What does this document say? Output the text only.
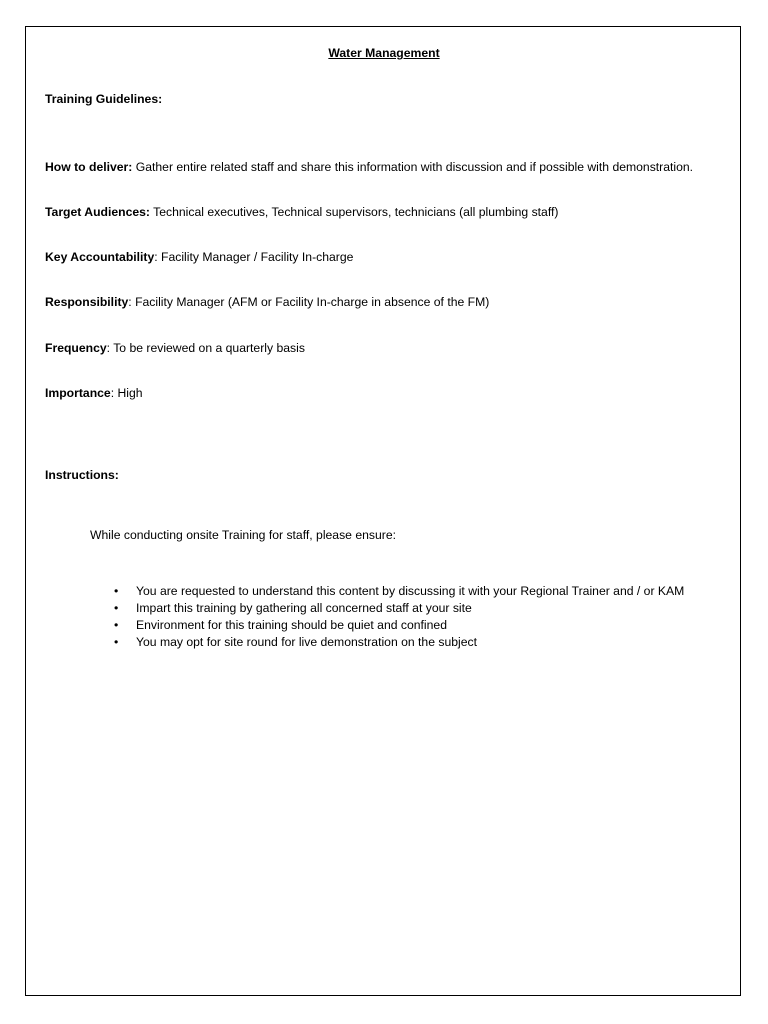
Water Management
Training Guidelines:
How to deliver: Gather entire related staff and share this information with discussion and if possible with demonstration.
Target Audiences: Technical executives, Technical supervisors, technicians (all plumbing staff)
Key Accountability: Facility Manager / Facility In-charge
Responsibility: Facility Manager (AFM or Facility In-charge in absence of the FM)
Frequency: To be reviewed on a quarterly basis
Importance: High
Instructions:
While conducting onsite Training for staff, please ensure:
• You are requested to understand this content by discussing it with your Regional Trainer and / or KAM
• Impart this training by gathering all concerned staff at your site
• Environment for this training should be quiet and confined
• You may opt for site round for live demonstration on the subject
